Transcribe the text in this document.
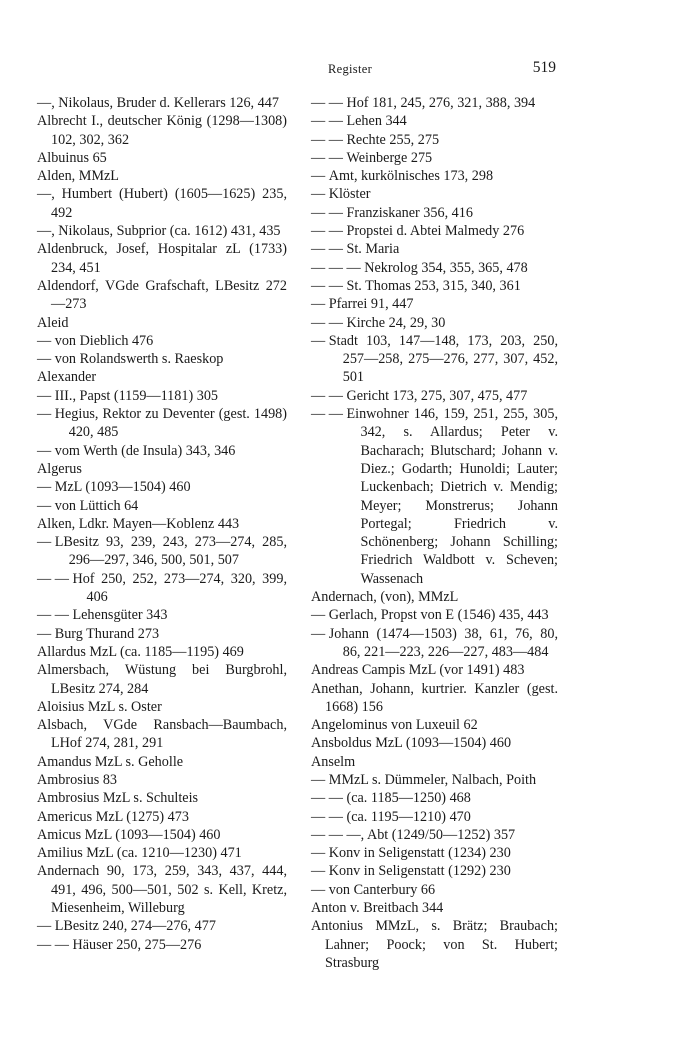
Register	519
—, Nikolaus, Bruder d. Kellerars 126, 447
Albrecht I., deutscher König (1298—1308) 102, 302, 362
Albuinus 65
Alden, MMzL
—, Humbert (Hubert) (1605—1625) 235, 492
—, Nikolaus, Subprior (ca. 1612) 431, 435
Aldenbruck, Josef, Hospitalar zL (1733) 234, 451
Aldendorf, VGde Grafschaft, LBesitz 272—273
Aleid
— von Dieblich 476
— von Rolandswerth s. Raeskop
Alexander
— III., Papst (1159—1181) 305
— Hegius, Rektor zu Deventer (gest. 1498) 420, 485
— vom Werth (de Insula) 343, 346
Algerus
— MzL (1093—1504) 460
— von Lüttich 64
Alken, Ldkr. Mayen—Koblenz 443
— LBesitz 93, 239, 243, 273—274, 285, 296—297, 346, 500, 501, 507
— — Hof 250, 252, 273—274, 320, 399, 406
— — Lehensgüter 343
— Burg Thurand 273
Allardus MzL (ca. 1185—1195) 469
Almersbach, Wüstung bei Burgbrohl, LBesitz 274, 284
Aloisius MzL s. Oster
Alsbach, VGde Ransbach—Baumbach, LHof 274, 281, 291
Amandus MzL s. Geholle
Ambrosius 83
Ambrosius MzL s. Schulteis
Americus MzL (1275) 473
Amicus MzL (1093—1504) 460
Amilius MzL (ca. 1210—1230) 471
Andernach 90, 173, 259, 343, 437, 444, 491, 496, 500—501, 502 s. Kell, Kretz, Miesenheim, Willeburg
— LBesitz 240, 274—276, 477
— — Häuser 250, 275—276
— — Hof 181, 245, 276, 321, 388, 394
— — Lehen 344
— — Rechte 255, 275
— — Weinberge 275
— Amt, kurkölnisches 173, 298
— Klöster
— — Franziskaner 356, 416
— — Propstei d. Abtei Malmedy 276
— — St. Maria
— — — Nekrolog 354, 355, 365, 478
— — St. Thomas 253, 315, 340, 361
— Pfarrei 91, 447
— — Kirche 24, 29, 30
— Stadt 103, 147—148, 173, 203, 250, 257—258, 275—276, 277, 307, 452, 501
— — Gericht 173, 275, 307, 475, 477
— — Einwohner 146, 159, 251, 255, 305, 342, s. Allardus; Peter v. Bacharach; Blutschard; Johann v. Diez.; Godarth; Hunoldi; Lauter; Luckenbach; Dietrich v. Mendig; Meyer; Monstrerus; Johann Portegal; Friedrich v. Schönenberg; Johann Schilling; Friedrich Waldbott v. Scheven; Wassenach
Andernach, (von), MMzL
— Gerlach, Propst von E (1546) 435, 443
— Johann (1474—1503) 38, 61, 76, 80, 86, 221—223, 226—227, 483—484
Andreas Campis MzL (vor 1491) 483
Anethan, Johann, kurtrier. Kanzler (gest. 1668) 156
Angelominus von Luxeuil 62
Ansboldus MzL (1093—1504) 460
Anselm
— MMzL s. Dümmeler, Nalbach, Poith
— — (ca. 1185—1250) 468
— — (ca. 1195—1210) 470
— — —, Abt (1249/50—1252) 357
— Konv in Seligenstatt (1234) 230
— Konv in Seligenstatt (1292) 230
— von Canterbury 66
Anton v. Breitbach 344
Antonius MMzL, s. Brätz; Braubach; Lahner; Poock; von St. Hubert; Strasburg
